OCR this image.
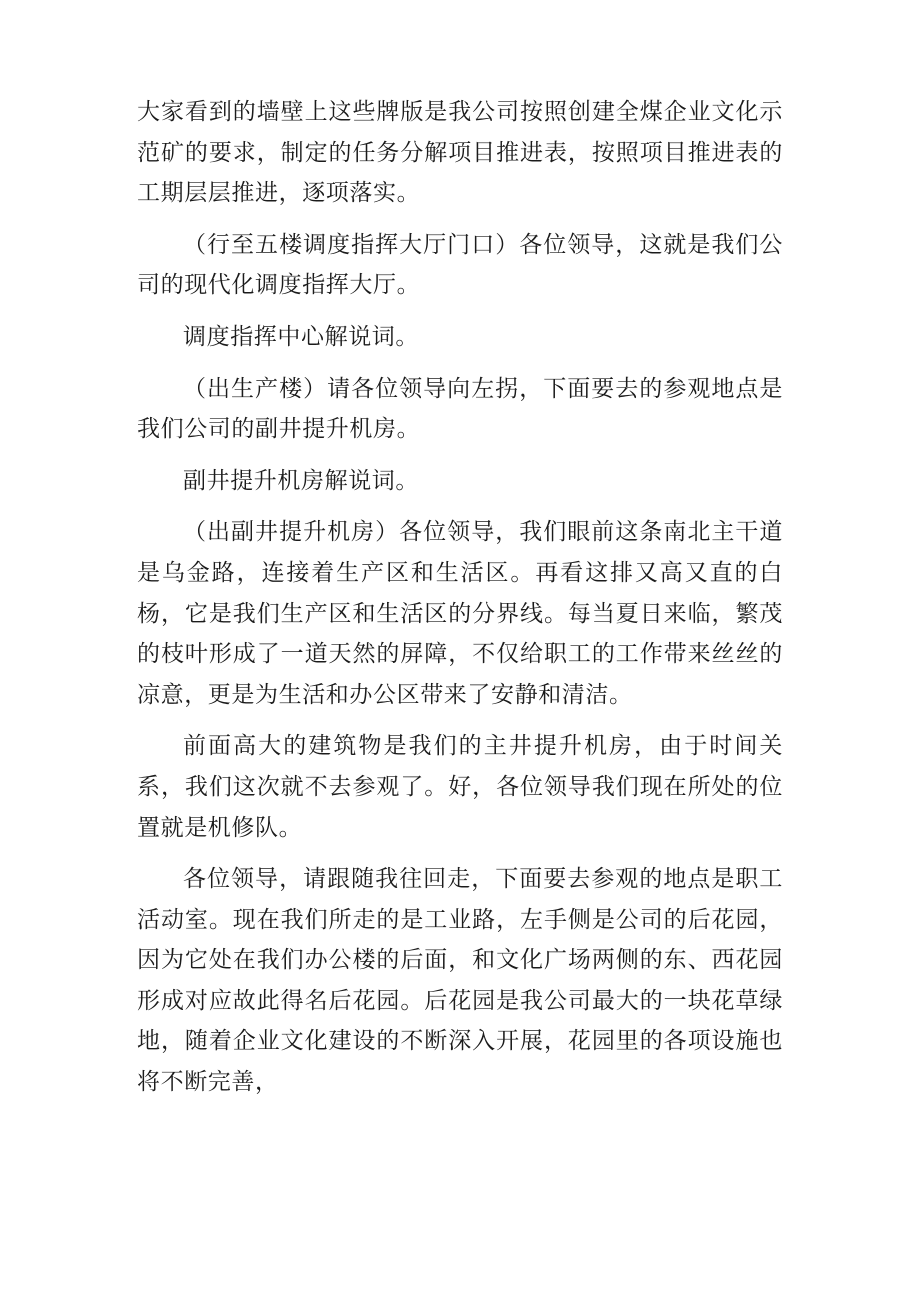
大家看到的墙壁上这些牌版是我公司按照创建全煤企业文化示范矿的要求，制定的任务分解项目推进表，按照项目推进表的工期层层推进，逐项落实。

（行至五楼调度指挥大厅门口）各位领导，这就是我们公司的现代化调度指挥大厅。

调度指挥中心解说词。

（出生产楼）请各位领导向左拐，下面要去的参观地点是我们公司的副井提升机房。

副井提升机房解说词。

（出副井提升机房）各位领导，我们眼前这条南北主干道是乌金路，连接着生产区和生活区。再看这排又高又直的白杨，它是我们生产区和生活区的分界线。每当夏日来临，繁茂的枝叶形成了一道天然的屏障，不仅给职工的工作带来丝丝的凉意，更是为生活和办公区带来了安静和清洁。

前面高大的建筑物是我们的主井提升机房，由于时间关系，我们这次就不去参观了。好，各位领导我们现在所处的位置就是机修队。

各位领导，请跟随我往回走，下面要去参观的地点是职工活动室。现在我们所走的是工业路，左手侧是公司的后花园，因为它处在我们办公楼的后面，和文化广场两侧的东、西花园形成对应故此得名后花园。后花园是我公司最大的一块花草绿地，随着企业文化建设的不断深入开展，花园里的各项设施也将不断完善，
